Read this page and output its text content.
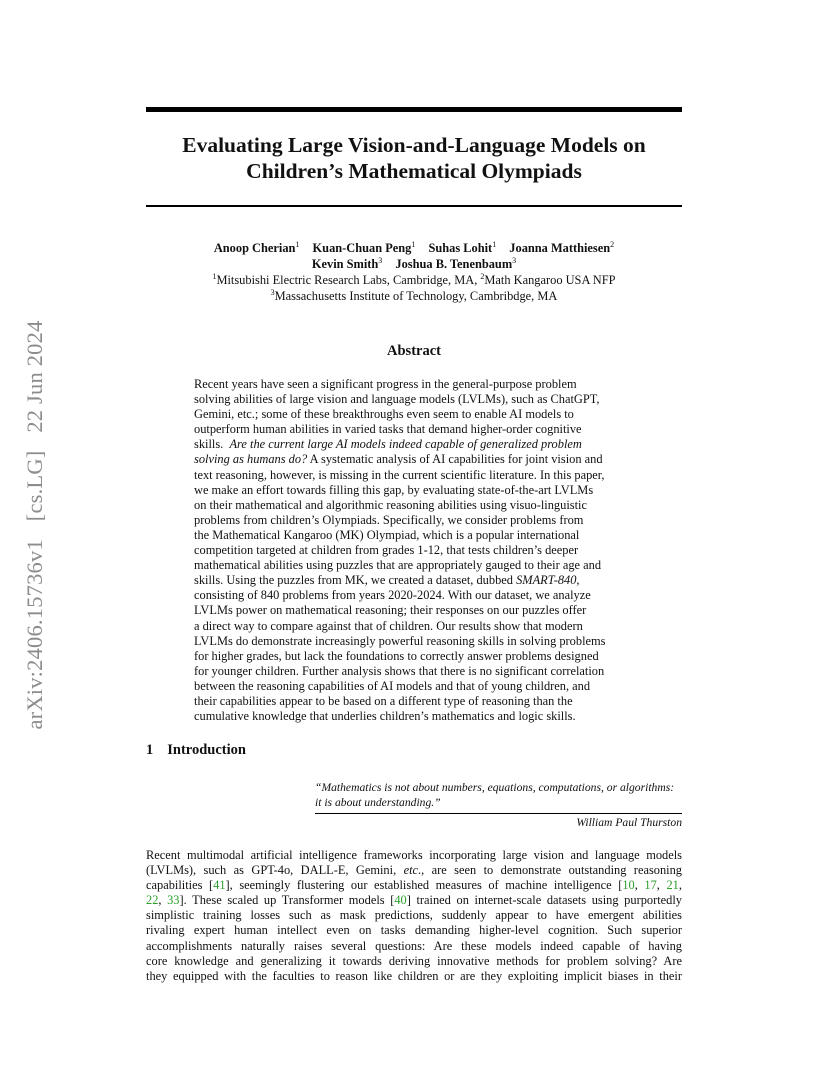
arXiv:2406.15736v1 [cs.LG] 22 Jun 2024
Evaluating Large Vision-and-Language Models on
Children’s Mathematical Olympiads
Anoop Cherian$^1$ Kuan-Chuan Peng$^1$ Suhas Lohit$^1$ Joanna Matthiesen$^2$
Kevin Smith$^3$ Joshua B. Tenenbaum$^3$
$^1$Mitsubishi Electric Research Labs, Cambridge, MA, $^2$Math Kangaroo USA NFP
$^3$Massachusetts Institute of Technology, Cambribdge, MA
Abstract
Recent years have seen a significant progress in the general-purpose problem
solving abilities of large vision and language models (LVLMs), such as ChatGPT,
Gemini, etc.; some of these breakthroughs even seem to enable AI models to
outperform human abilities in varied tasks that demand higher-order cognitive
skills. Are the current large AI models indeed capable of generalized problem
solving as humans do? A systematic analysis of AI capabilities for joint vision and
text reasoning, however, is missing in the current scientific literature. In this paper,
we make an effort towards filling this gap, by evaluating state-of-the-art LVLMs
on their mathematical and algorithmic reasoning abilities using visuo-linguistic
problems from children’s Olympiads. Specifically, we consider problems from
the Mathematical Kangaroo (MK) Olympiad, which is a popular international
competition targeted at children from grades 1-12, that tests children’s deeper
mathematical abilities using puzzles that are appropriately gauged to their age and
skills. Using the puzzles from MK, we created a dataset, dubbed SMART-840,
consisting of 840 problems from years 2020-2024. With our dataset, we analyze
LVLMs power on mathematical reasoning; their responses on our puzzles offer
a direct way to compare against that of children. Our results show that modern
LVLMs do demonstrate increasingly powerful reasoning skills in solving problems
for higher grades, but lack the foundations to correctly answer problems designed
for younger children. Further analysis shows that there is no significant correlation
between the reasoning capabilities of AI models and that of young children, and
their capabilities appear to be based on a different type of reasoning than the
cumulative knowledge that underlies children’s mathematics and logic skills.
1 Introduction
“Mathematics is not about numbers, equations, computations, or algorithms:
it is about understanding.”
William Paul Thurston
Recent multimodal artificial intelligence frameworks incorporating large vision and language models
(LVLMs), such as GPT-4o, DALL-E, Gemini, etc., are seen to demonstrate outstanding reasoning
capabilities [41], seemingly flustering our established measures of machine intelligence [10, 17, 21,
22, 33]. These scaled up Transformer models [40] trained on internet-scale datasets using purportedly
simplistic training losses such as mask predictions, suddenly appear to have emergent abilities
rivaling expert human intellect even on tasks demanding higher-level cognition. Such superior
accomplishments naturally raises several questions: Are these models indeed capable of having
core knowledge and generalizing it towards deriving innovative methods for problem solving? Are
they equipped with the faculties to reason like children or are they exploiting implicit biases in their
